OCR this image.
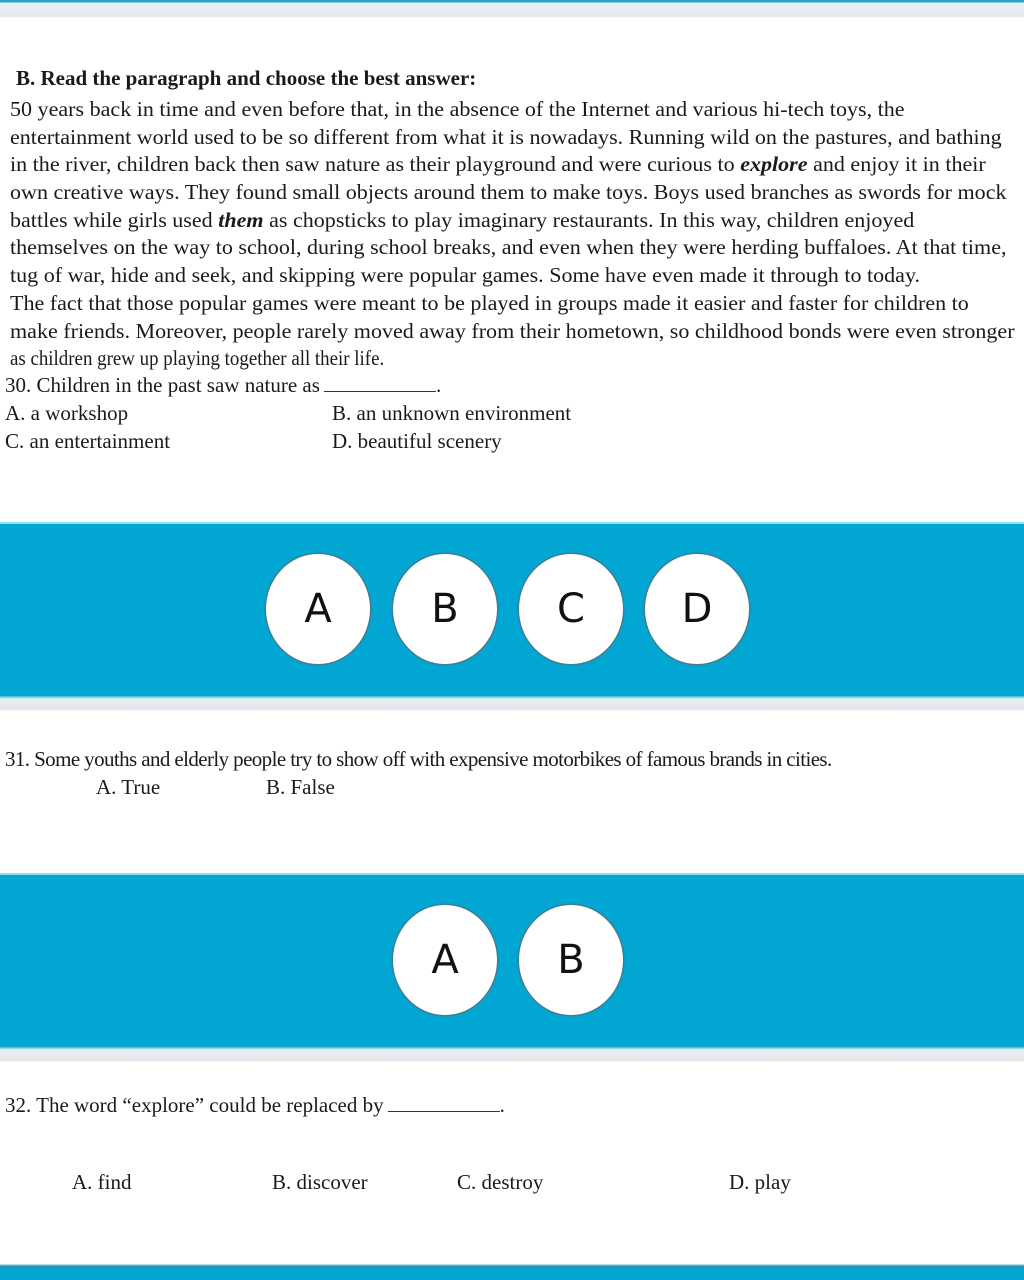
B. Read the paragraph and choose the best answer:
50 years back in time and even before that, in the absence of the Internet and various hi-tech toys, the
entertainment world used to be so different from what it is nowadays. Running wild on the pastures, and bathing
in the river, children back then saw nature as their playground and were curious to explore and enjoy it in their
own creative ways. They found small objects around them to make toys. Boys used branches as swords for mock
battles while girls used them as chopsticks to play imaginary restaurants. In this way, children enjoyed
themselves on the way to school, during school breaks, and even when they were herding buffaloes. At that time,
tug of war, hide and seek, and skipping were popular games. Some have even made it through to today.
The fact that those popular games were meant to be played in groups made it easier and faster for children to
make friends. Moreover, people rarely moved away from their hometown, so childhood bonds were even stronger
as children grew up playing together all their life.
30. Children in the past saw nature as	.
A. a workshop	B. an unknown environment
C. an entertainment	D. beautiful scenery
A	B	C	D
31. Some youths and elderly people try to show off with expensive motorbikes of famous brands in cities.
A. True	B. False
A	B
32. The word “explore” could be replaced by	.
A. find	B. discover	C. destroy	D. play
